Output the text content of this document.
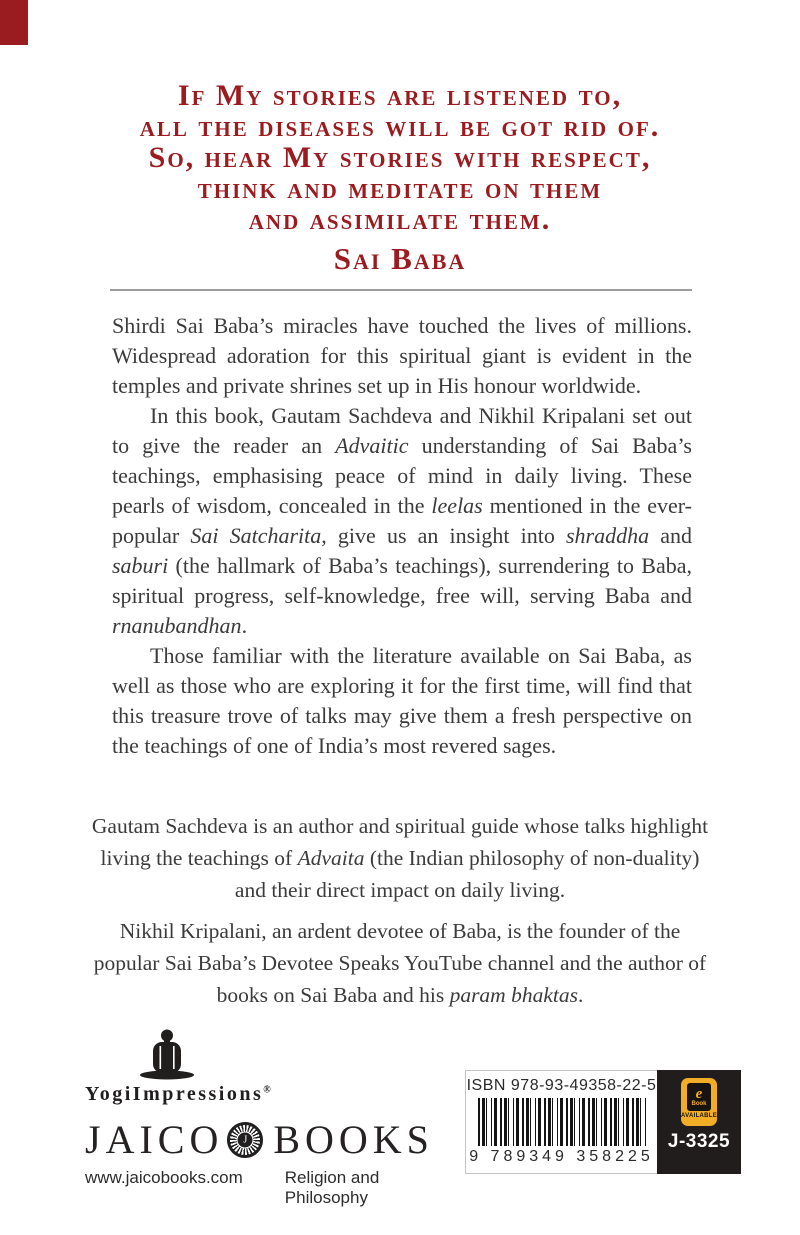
If My stories are listened to,
all the diseases will be got rid of.
So, hear My stories with respect,
think and meditate on them
and assimilate them.
Sai Baba

Shirdi Sai Baba’s miracles have touched the lives of millions. Widespread adoration for this spiritual giant is evident in the temples and private shrines set up in His honour worldwide.

In this book, Gautam Sachdeva and Nikhil Kripalani set out to give the reader an Advaitic understanding of Sai Baba’s teachings, emphasising peace of mind in daily living. These pearls of wisdom, concealed in the leelas mentioned in the ever-popular Sai Satcharita, give us an insight into shraddha and saburi (the hallmark of Baba’s teachings), surrendering to Baba, spiritual progress, self-knowledge, free will, serving Baba and rnanubandhan.

Those familiar with the literature available on Sai Baba, as well as those who are exploring it for the first time, will find that this treasure trove of talks may give them a fresh perspective on the teachings of one of India’s most revered sages.

Gautam Sachdeva is an author and spiritual guide whose talks highlight living the teachings of Advaita (the Indian philosophy of non-duality) and their direct impact on daily living.
Nikhil Kripalani, an ardent devotee of Baba, is the founder of the popular Sai Baba’s Devotee Speaks YouTube channel and the author of books on Sai Baba and his param bhaktas.
YogiImpressions®
JAICO	J BOOKS
www.jaicobooks.com Religion and Philosophy
ISBN 978-93-49358-22-5
9 789349 358225
e
Book
AVAILABLE
J-3325
